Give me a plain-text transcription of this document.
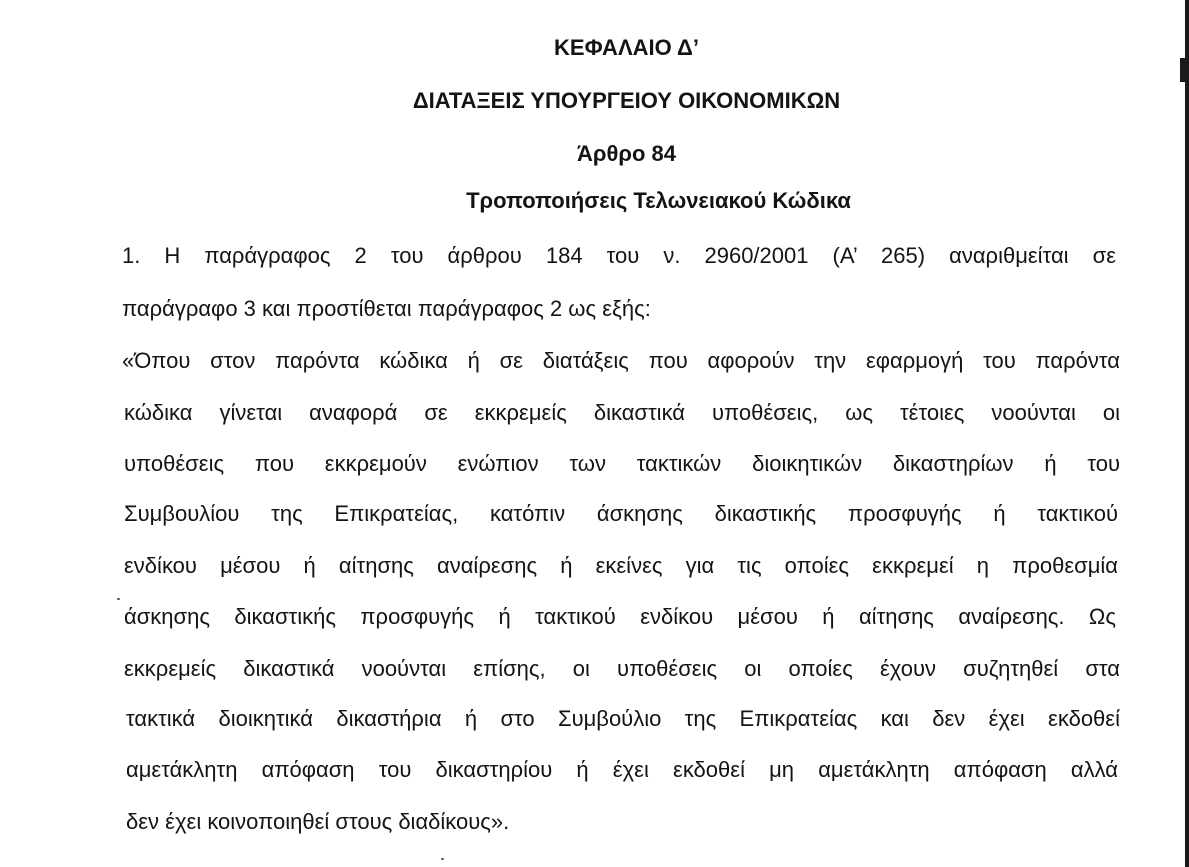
ΚΕΦΑΛΑΙΟ Δ’
ΔΙΑΤΑΞΕΙΣ ΥΠΟΥΡΓΕΙΟΥ ΟΙΚΟΝΟΜΙΚΩΝ
Άρθρο 84
Τροποποιήσεις Τελωνειακού Κώδικα

1. Η παράγραφος 2 του άρθρου 184 του ν. 2960/2001 (Α’ 265) αναριθμείται σε

παράγραφο 3 και προστίθεται παράγραφος 2 ως εξής:

«Όπου στον παρόντα κώδικα ή σε διατάξεις που αφορούν την εφαρμογή του παρόντα

κώδικα γίνεται αναφορά σε εκκρεμείς δικαστικά υποθέσεις, ως τέτοιες νοούνται οι

υποθέσεις που εκκρεμούν ενώπιον των τακτικών διοικητικών δικαστηρίων ή του

Συμβουλίου της Επικρατείας, κατόπιν άσκησης δικαστικής προσφυγής ή τακτικού

ενδίκου μέσου ή αίτησης αναίρεσης ή εκείνες για τις οποίες εκκρεμεί η προθεσμία

άσκησης δικαστικής προσφυγής ή τακτικού ενδίκου μέσου ή αίτησης αναίρεσης. Ως

εκκρεμείς δικαστικά νοούνται επίσης, οι υποθέσεις οι οποίες έχουν συζητηθεί στα

τακτικά διοικητικά δικαστήρια ή στο Συμβούλιο της Επικρατείας και δεν έχει εκδοθεί

αμετάκλητη απόφαση του δικαστηρίου ή έχει εκδοθεί μη αμετάκλητη απόφαση αλλά

δεν έχει κοινοποιηθεί στους διαδίκους».
